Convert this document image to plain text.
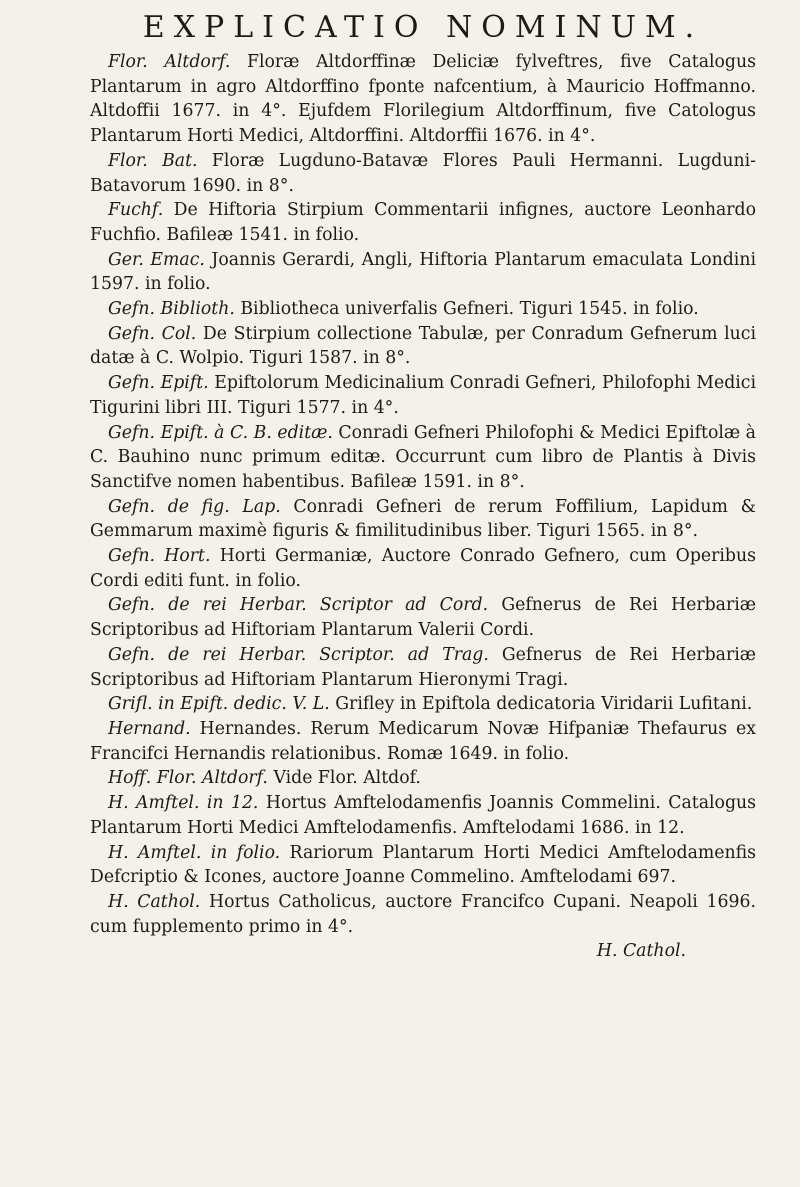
EXPLICATIO NOMINUM.

Flor. Altdorf. Floræ Altdorffinæ Deliciæ fylveftres, five Catalogus Plantarum in agro Altdorffino fponte nafcentium, à Mauricio Hoffmanno. Altdoffii 1677. in 4°. Ejufdem Florilegium Altdorffinum, five Catologus Plantarum Horti Medici, Altdorffini. Altdorffii 1676. in 4°.

Flor. Bat. Floræ Lugduno-Batavæ Flores Pauli Hermanni. Lugduni-Batavorum 1690. in 8°.

Fuchf. De Hiftoria Stirpium Commentarii infignes, auctore Leonhardo Fuchfio. Bafileæ 1541. in folio.

Ger. Emac. Joannis Gerardi, Angli, Hiftoria Plantarum emaculata Londini 1597. in folio.

Gefn. Biblioth. Bibliotheca univerfalis Gefneri. Tiguri 1545. in folio.

Gefn. Col. De Stirpium collectione Tabulæ, per Conradum Gefnerum luci datæ à C. Wolpio. Tiguri 1587. in 8°.

Gefn. Epift. Epiftolorum Medicinalium Conradi Gefneri, Philofophi Medici Tigurini libri III. Tiguri 1577. in 4°.

Gefn. Epift. à C. B. editæ. Conradi Gefneri Philofophi & Medici Epiftolæ à C. Bauhino nunc primum editæ. Occurrunt cum libro de Plantis à Divis Sanctifve nomen habentibus. Bafileæ 1591. in 8°.

Gefn. de fig. Lap. Conradi Gefneri de rerum Foffilium, Lapidum & Gemmarum maximè figuris & fimilitudinibus liber. Tiguri 1565. in 8°.

Gefn. Hort. Horti Germaniæ, Auctore Conrado Gefnero, cum Operibus Cordi editi funt. in folio.

Gefn. de rei Herbar. Scriptor ad Cord. Gefnerus de Rei Herbariæ Scriptoribus ad Hiftoriam Plantarum Valerii Cordi.

Gefn. de rei Herbar. Scriptor. ad Trag. Gefnerus de Rei Herbariæ Scriptoribus ad Hiftoriam Plantarum Hieronymi Tragi.

Grifl. in Epift. dedic. V. L. Grifley in Epiftola dedicatoria Viridarii Lufitani.

Hernand. Hernandes. Rerum Medicarum Novæ Hifpaniæ Thefaurus ex Francifci Hernandis relationibus. Romæ 1649. in folio.

Hoff. Flor. Altdorf. Vide Flor. Altdof.

H. Amftel. in 12. Hortus Amftelodamenfis Joannis Commelini. Catalogus Plantarum Horti Medici Amftelodamenfis. Amftelodami 1686. in 12.

H. Amftel. in folio. Rariorum Plantarum Horti Medici Amftelodamenfis Defcriptio & Icones, auctore Joanne Commelino. Amftelodami 697.

H. Cathol. Hortus Catholicus, auctore Francifco Cupani. Neapoli 1696. cum fupplemento primo in 4°.

H. Cathol.
